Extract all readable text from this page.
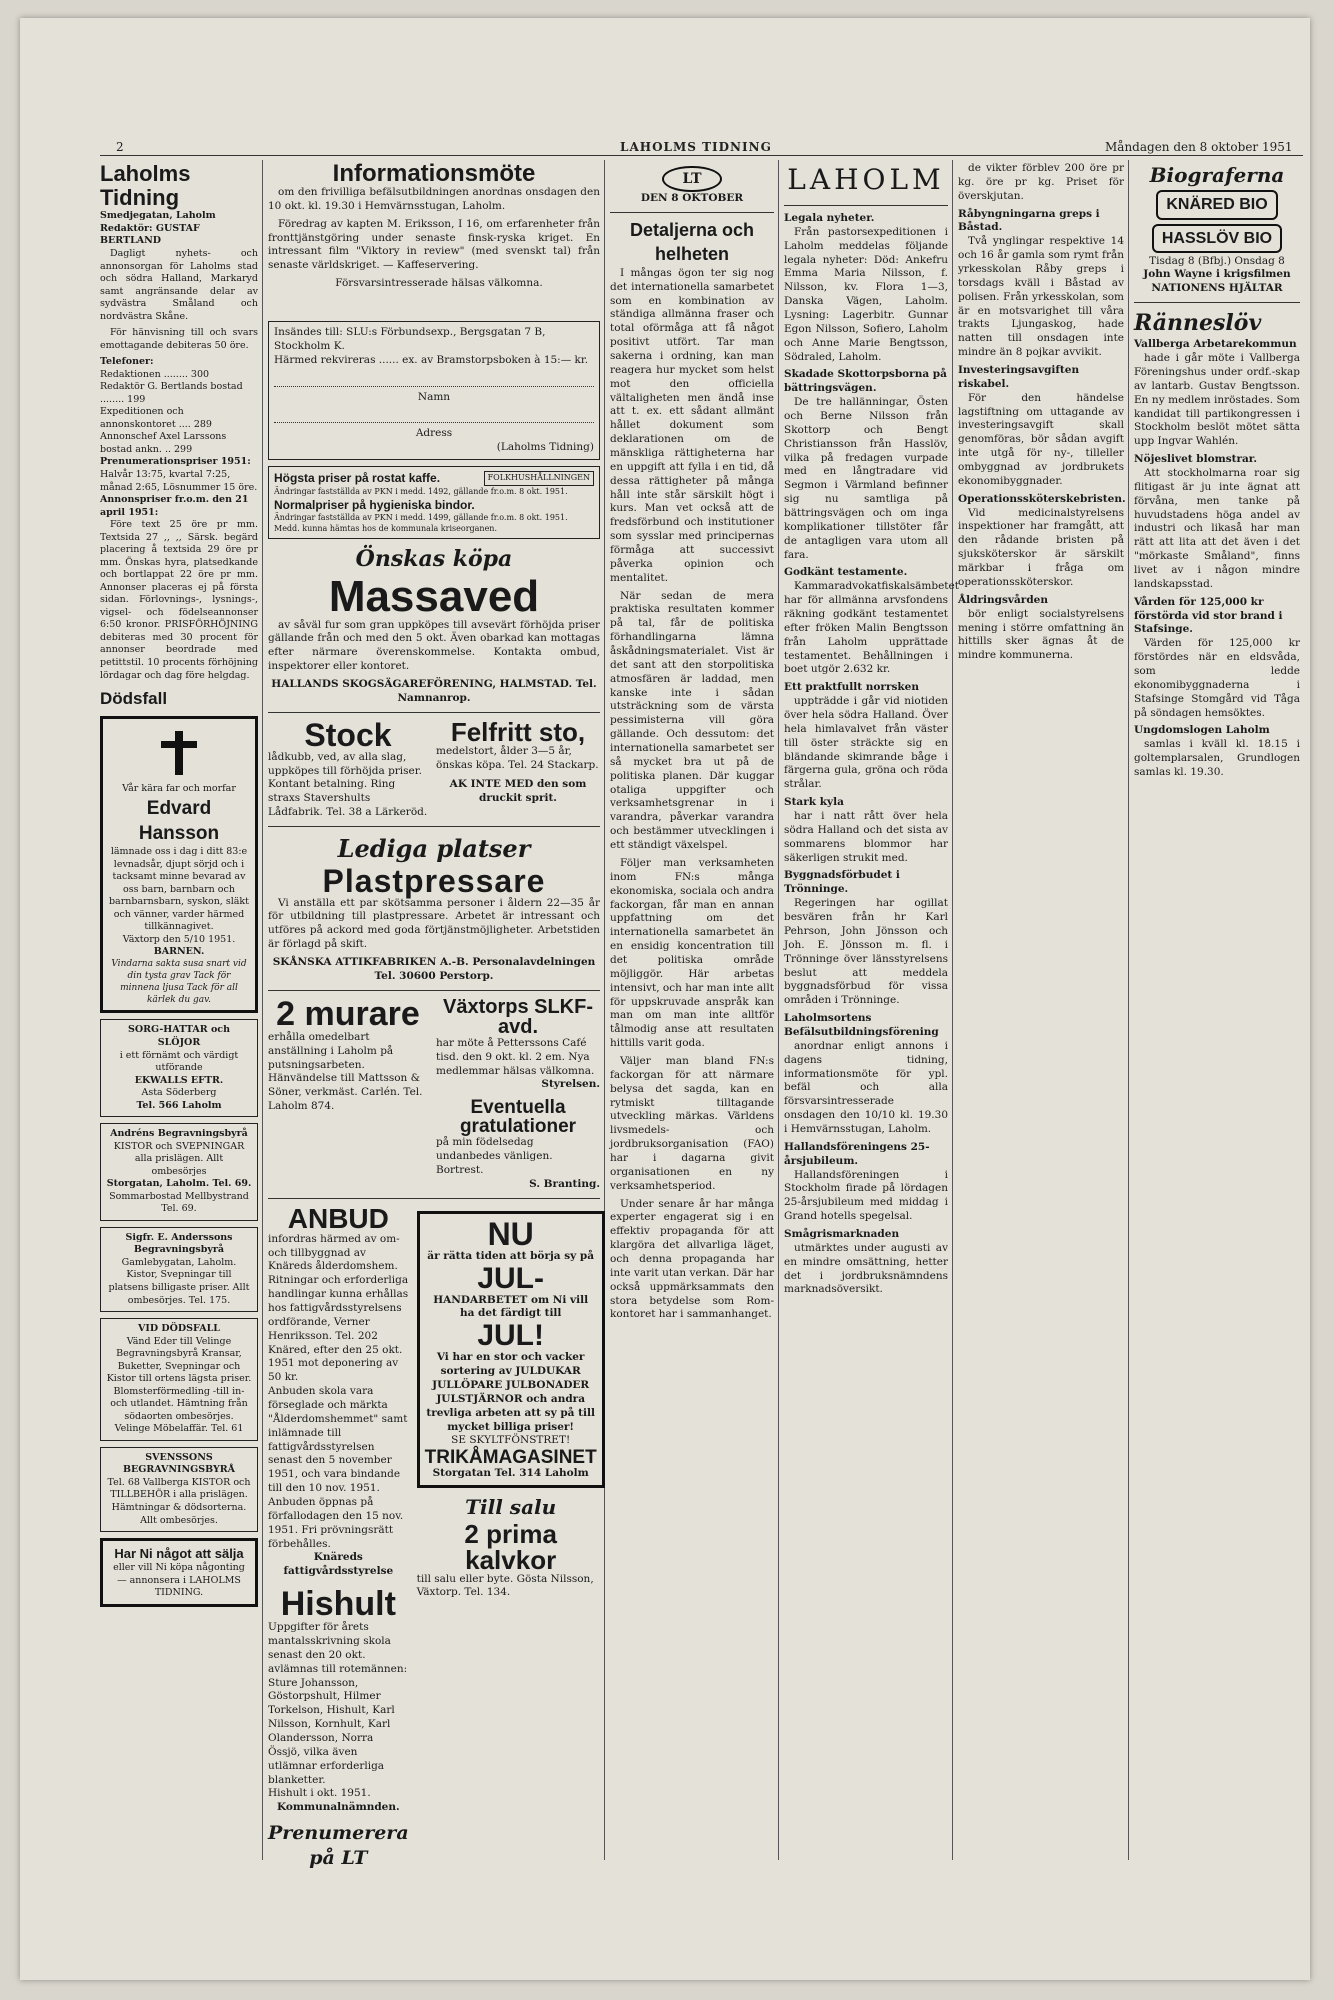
2	LAHOLMS TIDNING	Måndagen den 8 oktober 1951
Laholms Tidning
Smedjegatan, Laholm
Redaktör: GUSTAF BERTLAND

Dagligt nyhets- och annonsorgan för Laholms stad och södra Halland, Markaryd samt angränsande delar av sydvästra Småland och nordvästra Skåne.

För hänvisning till och svars emottagande debiteras 50 öre.

Telefoner:
Redaktionen ........ 300
Redaktör G. Bertlands bostad ........ 199
Expeditionen och annonskontoret .... 289
Annonschef Axel Larssons bostad ankn. .. 299
Prenumerationspriser 1951:
Halvår 13:75, kvartal 7:25, månad 2:65, Lösnummer 15 öre.
Annonspriser fr.o.m. den 21 april 1951:

Före text 25 öre pr mm. Textsida 27 ,, ,, Särsk. begärd placering å textsida 29 öre pr mm. Önskas hyra, platsedkande och bortlappat 22 öre pr mm. Annonser placeras ej på första sidan. Förlovnings-, lysnings-, vigsel- och födelseannonser 6:50 kronor. PRISFÖRHÖJNING debiteras med 30 procent för annonser beordrade med petittstil. 10 procents förhöjning lördagar och dag före helgdag.

Dödsfall
Vår kära far och morfar
Edvard Hansson
lämnade oss i dag i ditt 83:e levnadsår, djupt sörjd och i tacksamt minne bevarad av oss barn, barnbarn och barnbarnsbarn, syskon, släkt och vänner, varder härmed tillkännagivet.
Växtorp den 5/10 1951.
BARNEN.
Vindarna sakta susa snart vid din tysta grav Tack för minnena ljusa Tack för all kärlek du gav.
SORG-HATTAR och SLÖJOR
i ett förnämt och värdigt utförande
EKWALLS EFTR.
Asta Söderberg
Tel. 566 Laholm
Andréns Begravningsbyrå
KISTOR och SVEPNINGAR alla prislägen. Allt ombesörjes
Storgatan, Laholm. Tel. 69.
Sommarbostad Mellbystrand Tel. 69.
Sigfr. E. Anderssons Begravningsbyrå
Gamlebygatan, Laholm.
Kistor, Svepningar till platsens billigaste priser. Allt ombesörjes. Tel. 175.
VID DÖDSFALL
Vänd Eder till Velinge Begravningsbyrå Kransar, Buketter, Svepningar och Kistor till ortens lägsta priser. Blomsterförmedling -till in- och utlandet. Hämtning från södaorten ombesörjes. Velinge Möbelaffär. Tel. 61
SVENSSONS BEGRAVNINGSBYRÅ
Tel. 68 Vallberga KISTOR och TILLBEHÖR i alla prislägen. Hämtningar & dödsorterna. Allt ombesörjes.
Har Ni något att sälja
eller vill Ni köpa någonting — annonsera i LAHOLMS TIDNING.
Informationsmöte

om den frivilliga befälsutbildningen anordnas onsdagen den 10 okt. kl. 19.30 i Hemvärnsstugan, Laholm.

Föredrag av kapten M. Eriksson, I 16, om erfarenheter från fronttjänstgöring under senaste finsk-ryska kriget. En intressant film "Viktory in review" (med svenskt tal) från senaste världskriget. — Kaffeservering.

Försvarsintresserade hälsas välkomna.

Insändes till: SLU:s Förbundsexp., Bergsgatan 7 B, Stockholm K.
Härmed rekvireras ...... ex. av Bramstorpsboken à 15:— kr.
Namn
Adress
(Laholms Tidning)
FOLKHUSHÅLLNINGEN
Högsta priser på rostat kaffe.
Ändringar fastställda av PKN i medd. 1492, gällande fr.o.m. 8 okt. 1951.
Normalpriser på hygieniska bindor.
Ändringar fastställda av PKN i medd. 1499, gällande fr.o.m. 8 okt. 1951. Medd. kunna hämtas hos de kommunala kriseorganen.
Önskas köpa
Massaved

av såväl fur som gran uppköpes till avsevärt förhöjda priser gällande från och med den 5 okt. Även obarkad kan mottagas efter närmare överenskommelse. Kontakta ombud, inspektorer eller kontoret.

HALLANDS SKOGSÄGAREFÖRENING, HALMSTAD. Tel. Namnanrop.
Stock
lådkubb, ved, av alla slag, uppköpes till förhöjda priser. Kontant betalning. Ring straxs Stavershults Lådfabrik. Tel. 38 a Lärkeröd.
Felfritt sto,
medelstort, ålder 3—5 år, önskas köpa. Tel. 24 Stackarp.
AK INTE MED den som druckit sprit.
Lediga platser
Plastpressare

Vi anställa ett par skötsamma personer i åldern 22—35 år för utbildning till plastpressare. Arbetet är intressant och utföres på ackord med goda förtjänstmöjligheter. Arbetstiden är förlagd på skift.

SKÅNSKA ATTIKFABRIKEN A.-B. Personalavdelningen Tel. 30600 Perstorp.
2 murare
erhålla omedelbart anställning i Laholm på putsningsarbeten. Hänvändelse till Mattsson & Söner, verkmäst. Carlén. Tel. Laholm 874.
Växtorps SLKF-avd.
har möte å Petterssons Café tisd. den 9 okt. kl. 2 em. Nya medlemmar hälsas välkomna.
Styrelsen.
Eventuella gratulationer
på min födelsedag undanbedes vänligen. Bortrest.
S. Branting.
ANBUD
infordras härmed av om- och tillbyggnad av Knäreds ålderdomshem. Ritningar och erforderliga handlingar kunna erhållas hos fattigvårdsstyrelsens ordförande, Verner Henriksson. Tel. 202 Knäred, efter den 25 okt. 1951 mot deponering av 50 kr.
Anbuden skola vara förseglade och märkta "Ålderdomshemmet" samt inlämnade till fattigvårdsstyrelsen senast den 5 november 1951, och vara bindande till den 10 nov. 1951. Anbuden öppnas på förfallodagen den 15 nov. 1951. Fri prövningsrätt förbehålles.
Knäreds fattigvårdsstyrelse
Hishult
Uppgifter för årets mantalsskrivning skola senast den 20 okt. avlämnas till rotemännen: Sture Johansson, Göstorpshult, Hilmer Torkelson, Hishult, Karl Nilsson, Kornhult, Karl Olandersson, Norra Össjö, vilka även utlämnar erforderliga blanketter.
Hishult i okt. 1951.
Kommunalnämnden.
Prenumerera på LT
NU
är rätta tiden att börja sy på
JUL-
HANDARBETET om Ni vill ha det färdigt till
JUL!
Vi har en stor och vacker sortering av JULDUKAR JULLÖPARE JULBONADER JULSTJÄRNOR och andra trevliga arbeten att sy på till mycket billiga priser!
SE SKYLTFÖNSTRET!
TRIKÅMAGASINET
Storgatan Tel. 314 Laholm
Till salu
2 prima kalvkor
till salu eller byte. Gösta Nilsson, Växtorp. Tel. 134.
LT
DEN 8 OKTOBER
Detaljerna och helheten

I mångas ögon ter sig nog det internationella samarbetet som en kombination av ständiga allmänna fraser och total oförmåga att få något positivt utfört. Tar man sakerna i ordning, kan man reagera hur mycket som helst mot den officiella vältaligheten men ändå inse att t. ex. ett sådant allmänt hållet dokument som deklarationen om de mänskliga rättigheterna har en uppgift att fylla i en tid, då dessa rättigheter på många håll inte står särskilt högt i kurs. Man vet också att de fredsförbund och institutioner som sysslar med principernas förmåga att successivt påverka opinion och mentalitet.

När sedan de mera praktiska resultaten kommer på tal, får de politiska förhandlingarna lämna åskådningsmaterialet. Vist är det sant att den storpolitiska atmosfären är laddad, men kanske inte i sådan utsträckning som de värsta pessimisterna vill göra gällande. Och dessutom: det internationella samarbetet ser så mycket bra ut på de politiska planen. Där kuggar otaliga uppgifter och verksamhetsgrenar in i varandra, påverkar varandra och bestämmer utvecklingen i ett ständigt växelspel.

Följer man verksamheten inom FN:s många ekonomiska, sociala och andra fackorgan, får man en annan uppfattning om det internationella samarbetet än en ensidig koncentration till det politiska område möjliggör. Här arbetas intensivt, och har man inte allt för uppskruvade anspråk kan man om man inte alltför tålmodig anse att resultaten hittills varit goda.

Väljer man bland FN:s fackorgan för att närmare belysa det sagda, kan en rytmiskt tilltagande utveckling märkas. Världens livsmedels- och jordbruksorganisation (FAO) har i dagarna givit organisationen en ny verksamhetsperiod.

Under senare år har många experter engagerat sig i en effektiv propaganda för att klargöra det allvarliga läget, och denna propaganda har inte varit utan verkan. Där har också uppmärksammats den stora betydelse som Rom-kontoret har i sammanhanget.

LAHOLM
Legala nyheter.

Från pastorsexpeditionen i Laholm meddelas följande legala nyheter: Död: Ankefru Emma Maria Nilsson, f. Nilsson, kv. Flora 1—3, Danska Vägen, Laholm. Lysning: Lagerbitr. Gunnar Egon Nilsson, Sofiero, Laholm och Anne Marie Bengtsson, Södraled, Laholm.

Skadade Skottorpsborna på bättringsvägen.

De tre hallänningar, Östen och Berne Nilsson från Skottorp och Bengt Christiansson från Hasslöv, vilka på fredagen vurpade med en långtradare vid Segmon i Värmland befinner sig nu samtliga på bättringsvägen och om inga komplikationer tillstöter får de antagligen vara utom all fara.

Godkänt testamente.

Kammaradvokatfiskalsämbetet har för allmänna arvsfondens räkning godkänt testamentet efter fröken Malin Bengtsson från Laholm upprättade testamentet. Behållningen i boet utgör 2.632 kr.

Ett praktfullt norrsken

uppträdde i går vid niotiden över hela södra Halland. Över hela himlavalvet från väster till öster sträckte sig en bländande skimrande båge i färgerna gula, gröna och röda strålar.

Stark kyla

har i natt rått över hela södra Halland och det sista av sommarens blommor har säkerligen strukit med.

Byggnadsförbudet i Trönninge.

Regeringen har ogillat besvären från hr Karl Pehrson, John Jönsson och Joh. E. Jönsson m. fl. i Trönninge över länsstyrelsens beslut att meddela byggnadsförbud för vissa områden i Trönninge.

Laholmsortens Befälsutbildningsförening

anordnar enligt annons i dagens tidning, informationsmöte för ypl. befäl och alla försvarsintresserade onsdagen den 10/10 kl. 19.30 i Hemvärnsstugan, Laholm.

Hallandsföreningens 25-årsjubileum.

Hallandsföreningen i Stockholm firade på lördagen 25-årsjubileum med middag i Grand hotells spegelsal.

Smågrismarknaden

utmärktes under augusti av en mindre omsättning, hetter det i jordbruksnämndens marknadsöversikt.

de vikter förblev 200 öre pr kg. öre pr kg. Priset för överskjutan.

Råbyngningarna greps i Båstad.

Två ynglingar respektive 14 och 16 år gamla som rymt från yrkesskolan Råby greps i torsdags kväll i Båstad av polisen. Från yrkesskolan, som är en motsvarighet till våra trakts Ljungaskog, hade natten till onsdagen inte mindre än 8 pojkar avvikit.

Investeringsavgiften riskabel.

För den händelse lagstiftning om uttagande av investeringsavgift skall genomföras, bör sådan avgift inte utgå för ny-, tilleller ombyggnad av jordbrukets ekonomibyggnader.

Operationssköterskebristen.

Vid medicinalstyrelsens inspektioner har framgått, att den rådande bristen på sjuksköterskor är särskilt märkbar i fråga om operationssköterskor.

Åldringsvården

bör enligt socialstyrelsens mening i större omfattning än hittills sker ägnas åt de mindre kommunerna.

Biograferna
KNÄRED BIO HASSLÖV BIO
Tisdag 8 (Bfbj.) Onsdag 8
John Wayne i krigsfilmen NATIONENS HJÄLTAR
Ränneslöv
Vallberga Arbetarekommun

hade i går möte i Vallberga Föreningshus under ordf.-skap av lantarb. Gustav Bengtsson. En ny medlem inröstades. Som kandidat till partikongressen i Stockholm beslöt mötet sätta upp Ingvar Wahlén.

Nöjeslivet blomstrar.

Att stockholmarna roar sig flitigast är ju inte ägnat att förvåna, men tanke på huvudstadens höga andel av industri och likaså har man rätt att lita att det även i det "mörkaste Småland", finns livet av i någon mindre landskapsstad.

Vården för 125,000 kr förstörda vid stor brand i Stafsinge.

Värden för 125,000 kr förstördes när en eldsvåda, som ledde ekonomibyggnaderna i Stafsinge Stomgård vid Tåga på söndagen hemsöktes.

Ungdomslogen Laholm

samlas i kväll kl. 18.15 i goltemplarsalen, Grundlogen samlas kl. 19.30.
